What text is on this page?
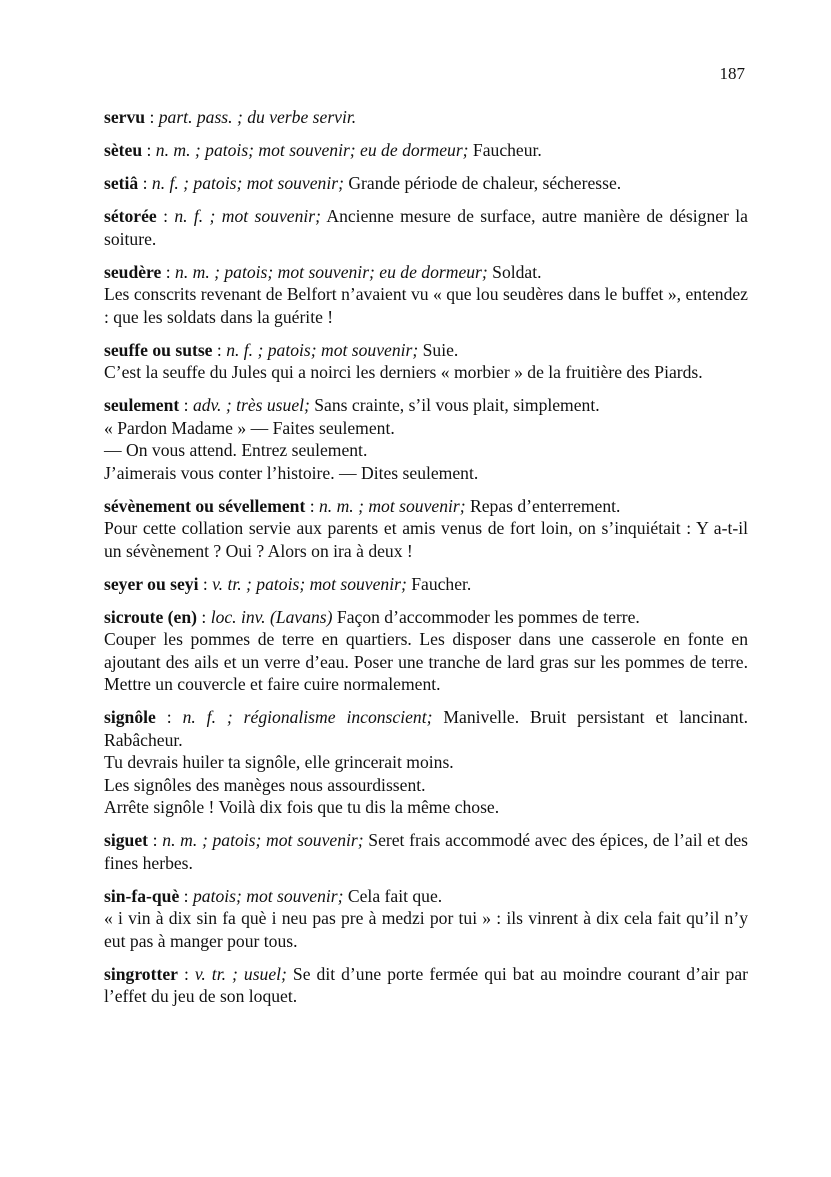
187

servu : part. pass. ; du verbe servir.

sèteu : n. m. ; patois; mot souvenir; eu de dormeur; Faucheur.

setiâ : n. f. ; patois; mot souvenir; Grande période de chaleur, sécheresse.

sétorée : n. f. ; mot souvenir; Ancienne mesure de surface, autre manière de désigner la soiture.

seudère : n. m. ; patois; mot souvenir; eu de dormeur; Soldat.

Les conscrits revenant de Belfort n’avaient vu « que lou seudères dans le buffet », entendez : que les soldats dans la guérite !

seuffe ou sutse : n. f. ; patois; mot souvenir; Suie.

C’est la seuffe du Jules qui a noirci les derniers « morbier » de la fruitière des Piards.

seulement : adv. ; très usuel; Sans crainte, s’il vous plait, simplement.

« Pardon Madame » — Faites seulement.

— On vous attend. Entrez seulement.

J’aimerais vous conter l’histoire. — Dites seulement.

sévènement ou sévellement : n. m. ; mot souvenir; Repas d’enterrement.

Pour cette collation servie aux parents et amis venus de fort loin, on s’inquiétait : Y a-t-il un sévènement ? Oui ? Alors on ira à deux !

seyer ou seyi : v. tr. ; patois; mot souvenir; Faucher.

sicroute (en) : loc. inv. (Lavans) Façon d’accommoder les pommes de terre.

Couper les pommes de terre en quartiers. Les disposer dans une casserole en fonte en ajoutant des ails et un verre d’eau. Poser une tranche de lard gras sur les pommes de terre. Mettre un couvercle et faire cuire normalement.

signôle : n. f. ; régionalisme inconscient; Manivelle. Bruit persistant et lancinant. Rabâcheur.

Tu devrais huiler ta signôle, elle grincerait moins.

Les signôles des manèges nous assourdissent.

Arrête signôle ! Voilà dix fois que tu dis la même chose.

siguet : n. m. ; patois; mot souvenir; Seret frais accommodé avec des épices, de l’ail et des fines herbes.

sin-fa-què : patois; mot souvenir; Cela fait que.

« i vin à dix sin fa què i neu pas pre à medzi por tui » : ils vinrent à dix cela fait qu’il n’y eut pas à manger pour tous.

singrotter : v. tr. ; usuel; Se dit d’une porte fermée qui bat au moindre courant d’air par l’effet du jeu de son loquet.
